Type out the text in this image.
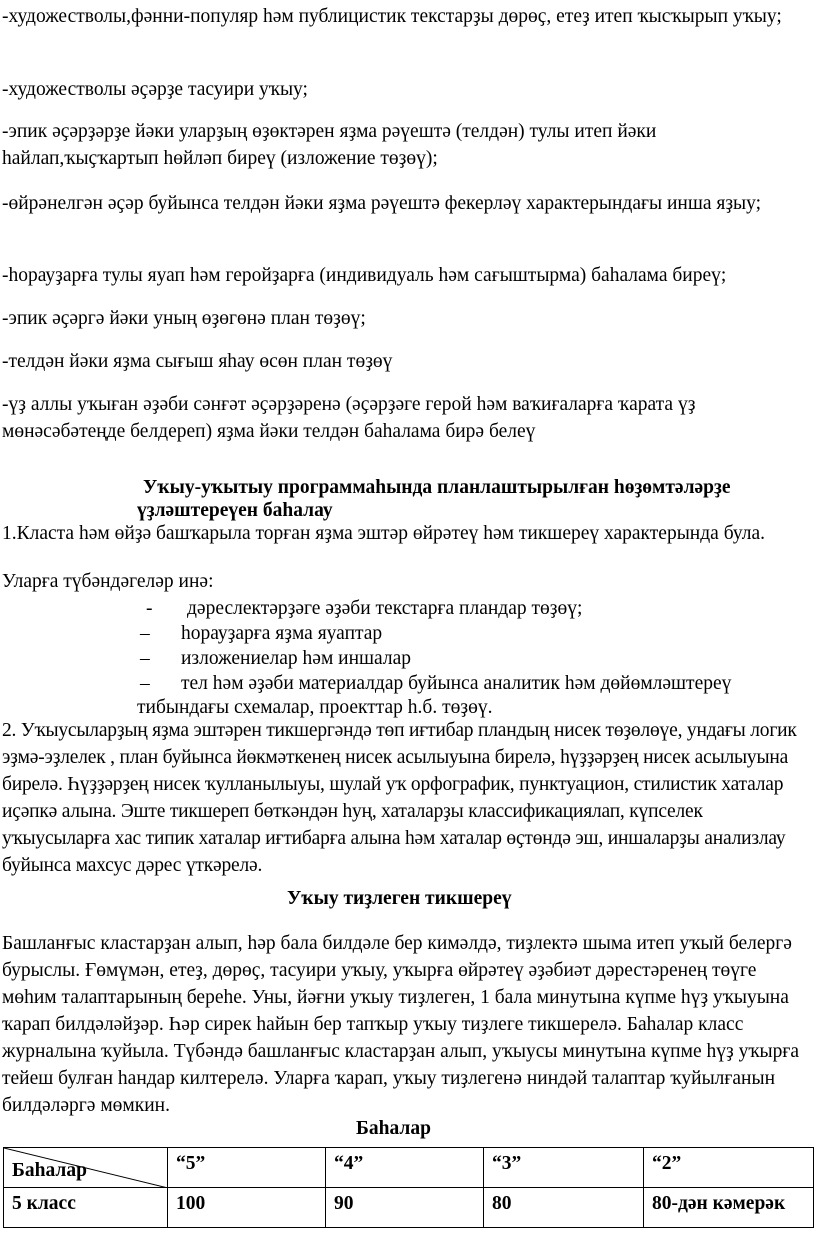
-художестволы,фәнни-популяр һәм публицистик текстарҙы дөрөҫ, етеҙ итеп ҡысҡырып уҡыу;

-художестволы әҫәрҙе тасуири уҡыу;

-эпик әҫәрҙәрҙе йәки уларҙың өҙөктәрен яҙма рәүештә (телдән) тулы итеп йәки һайлап,ҡыҫҡартып һөйләп биреү (изложение төҙөү);

-өйрәнелгән әҫәр буйынса телдән йәки яҙма рәүештә фекерләү характерындағы инша яҙыу;

-һорауҙарға тулы яуап һәм геройҙарға (индивидуаль һәм сағыштырма) баһалама биреү;

-эпик әҫәргә йәки уның өҙөгөнә план төҙөү;

-телдән йәки яҙма сығыш яһау өсөн план төҙөү

-үҙ аллы уҡыған әҙәби сәнғәт әҫәрҙәренә (әҫәрҙәге герой һәм ваҡиғаларға ҡарата үҙ мөнәсәбәтеңде белдереп) яҙма йәки телдән баһалама бирә белеү

Уҡыу-уҡытыу программаһында планлаштырылған һөҙөмтәләрҙе

үҙләштереүен баһалау

1.Класта һәм өйҙә башҡарыла торған яҙма эштәр өйрәтеү һәм тикшереү характерында була.

Уларға түбәндәгеләр инә:

- дәреслектәрҙәге әҙәби текстарға пландар төҙөү;
– һорауҙарға яҙма яуаптар
– изложениелар һәм иншалар
– тел һәм әҙәби материалдар буйынса аналитик һәм дөйөмләштереү

тибындағы схемалар, проекттар һ.б. төҙөү.

2. Уҡыусыларҙың яҙма эштәрен тикшергәндә төп иғтибар пландың нисек төҙөлөүе, ундағы логик эҙмә-эҙлелек , план буйынса йөкмәткенең нисек асылыуына бирелә, һүҙҙәрҙең нисек асылыуына бирелә. Һүҙҙәрҙең нисек ҡулланылыуы, шулай уҡ орфографик, пунктуацион, стилистик хаталар иҫәпкә алына. Эште тикшереп бөткәндән һуң, хаталарҙы классификациялап, күпселек уҡыусыларға хас типик хаталар иғтибарға алына һәм хаталар өҫтөндә эш, иншаларҙы анализлау буйынса махсус дәрес үткәрелә.

Уҡыу тиҙлеген тикшереү

Башланғыс кластарҙан алып, һәр бала билдәле бер кимәлдә, тиҙлектә шыма итеп уҡый белергә бурыслы. Ғөмүмән, етеҙ, дөрөҫ, тасуири уҡыу, уҡырға өйрәтеү әҙәбиәт дәрестәренең төүге мөһим талаптарының береһе. Уны, йәғни уҡыу тиҙлеген, 1 бала минутына күпме һүҙ уҡыуына ҡарап билдәләйҙәр. Һәр сирек һайын бер тапҡыр уҡыу тиҙлеге тикшерелә. Баһалар класс журналына ҡуйыла. Түбәндә башланғыс кластарҙан алып, уҡыусы минутына күпме һүҙ уҡырға тейеш булған һандар килтерелә. Уларға ҡарап, уҡыу тиҙлегенә ниндәй талаптар ҡуйылғанын билдәләргә мөмкин.

Баһалар

Баһалар	“5”	“4”	“3”	“2”
5 класс	100	90	80	80-дән кәмерәк
